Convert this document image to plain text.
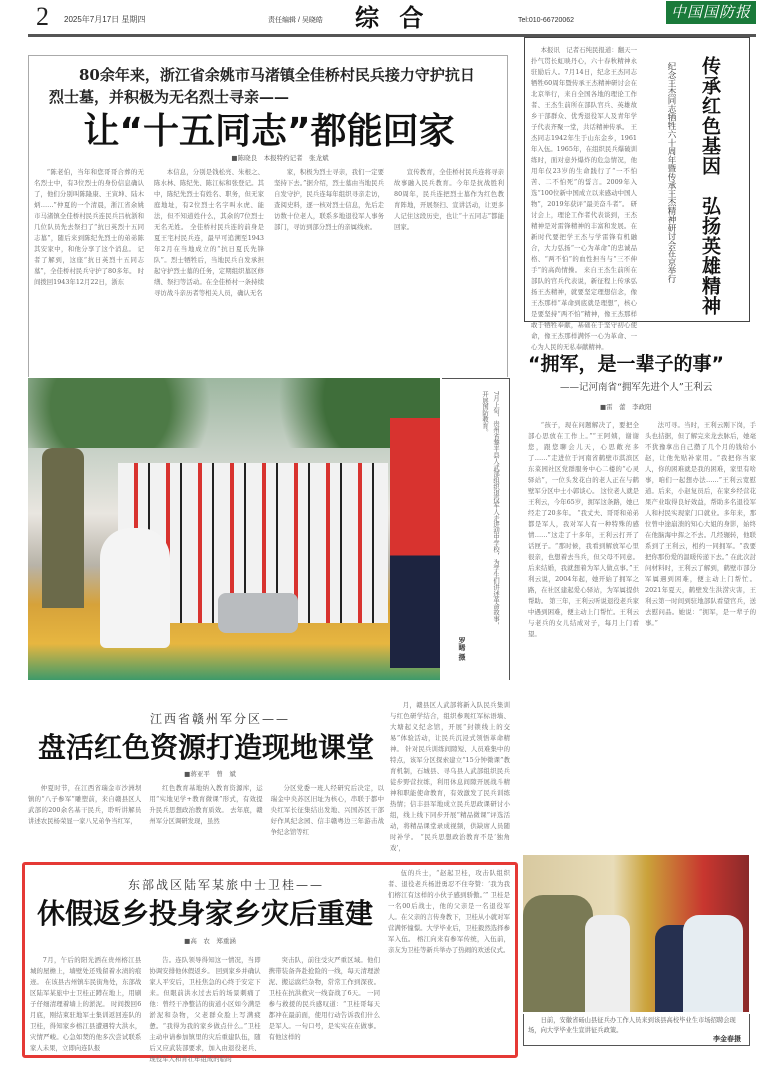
2 2025年7月17日 星期四	责任编辑 / 吴晓皓 综 合	Tel:010-66720062	中国国防报
80余年来，浙江省余姚市马渚镇全佳桥村民兵接力守护抗日烈士墓，并积极为无名烈士寻亲——
让“十五同志”都能回家
■陈晓良　本报特约记者　张龙斌
“陈老伯，当年和您哥哥合葬的无名烈士中，有3位烈士的身份信息确认了，他们分别叫陈隆康、王寅坤、陆木炳……”仲夏的一个清晨，浙江省余姚市马渚镇全佳桥村民兵连民兵吕杭浙和几位队员先去祭扫了“抗日英烈十五同志墓”，随后来到陈纪先烈士的弟弟陈其安家中，和他分享了这个消息。 记者了解到，这座“抗日英烈十五同志墓”，全佳桥村民兵守护了80多年。 时间拨回1943年12月22日，浙东
本信息，分别是钱松亮、朱根之、陈水林、陈纪先、陈江标和张登记。其中，陈纪先烈士有姓名、职务，但无家庭地址，有2位烈士名字叫水虎、能法，但不知道姓什么，其余的7位烈士无名无姓。 全佳桥村民兵连的前身是夏王宅村民兵连，最早可追溯至1943年2月在当地成立的“抗日夏氏先锋队”。烈士牺牲后，当地民兵自发承担起守护烈士墓的任务，定期组织墓区修缮、祭扫等活动。在全佳桥村一条持续寻访战斗亲历者等相关人员，确认无名
家，积极为烈士寻亲，我们一定要坚持下去。”据介绍，烈士墓由当地民兵自发守护，民兵连每年组织寻亲走访，查阅史料，逐一核对烈士信息，先后走访数十位老人，联系多地退役军人事务部门，寻访到部分烈士的亲属线索。
宣传教育，全佳桥村民兵连将寻亲故事融入民兵教育。今年是抗战胜利80周年，民兵连把烈士墓作为红色教育阵地，开展祭扫、宣讲活动，让更多人记住这段历史，也让“十五同志”都能回家。
本报讯　记者石纯民报道：翻天一扑气贯长虹映丹心，六十春秋精神永驻励后人。7月14日，纪念王杰同志牺牲60周年暨传承王杰精神研讨会在北京举行，来自全国各地的理论工作者、王杰生前所在部队官兵、英雄故乡干部群众、优秀退役军人及青年学子代表齐聚一堂，共话精神传承。 王杰同志1942年生于山东金乡，1961年入伍。1965年，在组织民兵爆破训练时，面对意外爆炸的危急情况，他用年仅23岁的生命践行了“一不怕苦、二不怕死”的誓言。2009年入选“100位新中国成立以来感动中国人物”，2019年获评“最美奋斗者”。 研讨会上，理论工作者代表谈到，王杰精神是对雷锋精神的丰富和发展。在新时代要把学王杰与学雷锋有机融合，大力弘扬“一心为革命”的忠诚品格、“两不怕”的血性担当与“三不伸手”的高尚情操。 来自王杰生前所在部队的官兵代表说，新征程上传承弘扬王杰精神，就要坚定理想信念，像王杰那样“革命到底就是理想”，核心是要坚持“两不怕”精神，像王杰那样敢于牺牲奉献，基础在于坚守初心使命，像王杰那样满怀一心为革命、一心为人民的无私奉献精神。
纪念王杰同志牺牲六十周年暨传承王杰精神研讨会在京举行 传承红色基因　弘扬英雄精神
7月上旬，贵州省黎平县人武部组织退役军人走进初中学校，为学生们讲述革命故事，开展国防教育。
罗晞 摄
“拥军，是一辈子的事”
——记河南省“拥军先进个人”王利云
■雷　蕾　李政阳
“孩子，现在问题解决了，要把全部心思放在工作上。”“王阿姨，谢谢您，跟您聊会儿天，心思敞亮多了……”走进位于河南省鹤壁市淇滨区东菜园社区党群服务中心二楼的“心灵驿站”，一位头发花白的老人正在与鹤壁军分区中士小郭谈心。 这位老人就是王利云，今年65岁，拥军这条路，她已经走了20多年。 “我丈夫、哥哥和弟弟都是军人，我对军人有一种特殊的感情……”这走了十多年，王利云打开了话匣子。“那时候，我看到解放军心里很亲，也想着去当兵，但父母不同意。后来结婚，我就想着为军人做点事。”王利云说，2004年起，她开始了拥军之路，在社区建起爱心驿站，为军属提供帮助。 第三年，王利云听说退役老兵家中遇到困难，便主动上门帮忙。王利云与老兵的女儿结成对子，每月上门看望。
法可寻。当时，王利云刚下岗，手头也拮据，但了解完来龙去脉后，她毫不犹豫拿出自己攒了几个月的钱给小赵，让他先贴补家用。“我把你当家人，你的困难就是我的困难，家里有啥事，咱们一起想办法……”王利云宽慰道。后来，小赵复员后，在家乡经营花果产业取得良好效益，帮助多名退役军人和村民实现家门口就业。多年来，那位曾中途崩溃的知心大姐的身影，始终在他脑海中挥之不去。几经辗转，他联系到了王利云，相约一同拥军。“我要把你那份爱的温暖传递下去。” 在此次討问材料时，王利云了解到，鹤壁市部分军属遇到困难，便主动上门帮忙。2021年夏天，鹤壁发生洪涝灾害，王利云第一时间到驻地部队看望官兵，送去慰问品。她说：“拥军，是一辈子的事。”
江西省赣州军分区——
盘活红色资源打造现地课堂
■蒋亚平　曾　斌
仲夏时节，在江西省瑞金市沙洲坝镇的“八子参军”雕塑前，来自赣县区人武部的200余名基干民兵，聆听讲解员讲述农民杨荣显一家八兄弟争当红军，
红色教育基地纳入教育资源库，运用“实地见学+教育微课”形式，有效提升民兵思想政治教育质效。 去年底，赣州军分区调研发现，虽然
分区党委一班人经研究后决定，以瑞金中央苏区旧址为核心，串联于都中央红军长征集结出发地、兴国苏区干部好作风纪念园、信丰赣粤边三年游击战争纪念馆等红
月，赣县区人武部将新入队民兵集训与红色研学结合，组织参观红军标语墙、大塘起义纪念馆，开展“封锁线上的交易”体验活动，让民兵沉浸式领悟革命精神。 针对民兵训练间隙短、人员难集中的特点，该军分区探索建立“15分钟微课”教育机制，石城县、寻乌县人武部组织民兵徒步野营拉练，利用休息间隙开展战斗精神和职能使命教育，有效激发了民兵训练热情；信丰县军地成立民兵思政课研讨小组，线上线下同步开展“精品微课”评选活动，将精品课堂录成视频，供缺席人员随时补学。 “民兵思想政治教育不是‘独角戏’，
东部战区陆军某旅中士卫桂——
休假返乡投身家乡灾后重建
■高　农　郑重涵
7月，午后的阳光洒在贵州榕江县城的屋檐上，墙壁处还残留着水渍的痕迹。 在该县古州镇车民街角处，东部战区陆军某旅中士卫桂正蹲在地上，用刷子仔细清理着墙上的淤泥。 时间拨回6月底，刚结束驻地军士集训返回连队的卫桂，得知家乡榕江县遭遇特大洪水，灾情严峻。心急如焚的他多次尝试联系家人未果，立即向连队报
告。连队领导得知这一情况，当即协调安排他休假返乡。 回到家乡并确认家人平安后，卫桂焦急的心终于安定下来。但眼前洪水过去后的场景刺痛了他：曾经干净整洁的街道小区如今满是淤泥和杂物，父老群众脸上写满疲惫。“我得为我的家乡做点什么。”卫桂主动申请参加镇里的灾后重建队伍，随后又应武装部要求，加入由退役老兵、现役军人和青壮年组成的临时
突击队，前往受灾严重区域。他们携带装备奔赴抢险的一线，每天清理淤泥、搬运腐烂杂物，常常工作到深夜。卫桂在抗洪救灾一线奋战了6天。 一同参与救援的民兵感叹道：“卫桂哥每天都冲在最前面，使用行动告诉我们什么是军人。一句口号，是实实在在做事。有他这样的
伍的兵士，“赵起卫桂，攻击队组织者、退役老兵杨进勇忍不住夸赞：‘我为我们榕江有这样的小伙子感到骄傲。’” 卫桂是一名00后战士，他的父亲是一名退役军人。在父亲的言传身教下，卫桂从小就对军营满怀憧憬。大学毕业后，卫桂毅然选择参军入伍。 榕江向来有参军传统，入伍前，亲友为卫桂等新兵举办了热闹的欢送仪式。
日前，安徽省砀山县征兵办工作人员来到该县高校毕业生市场招聘会现场，向大学毕业生宣讲征兵政策。
李金春摄
